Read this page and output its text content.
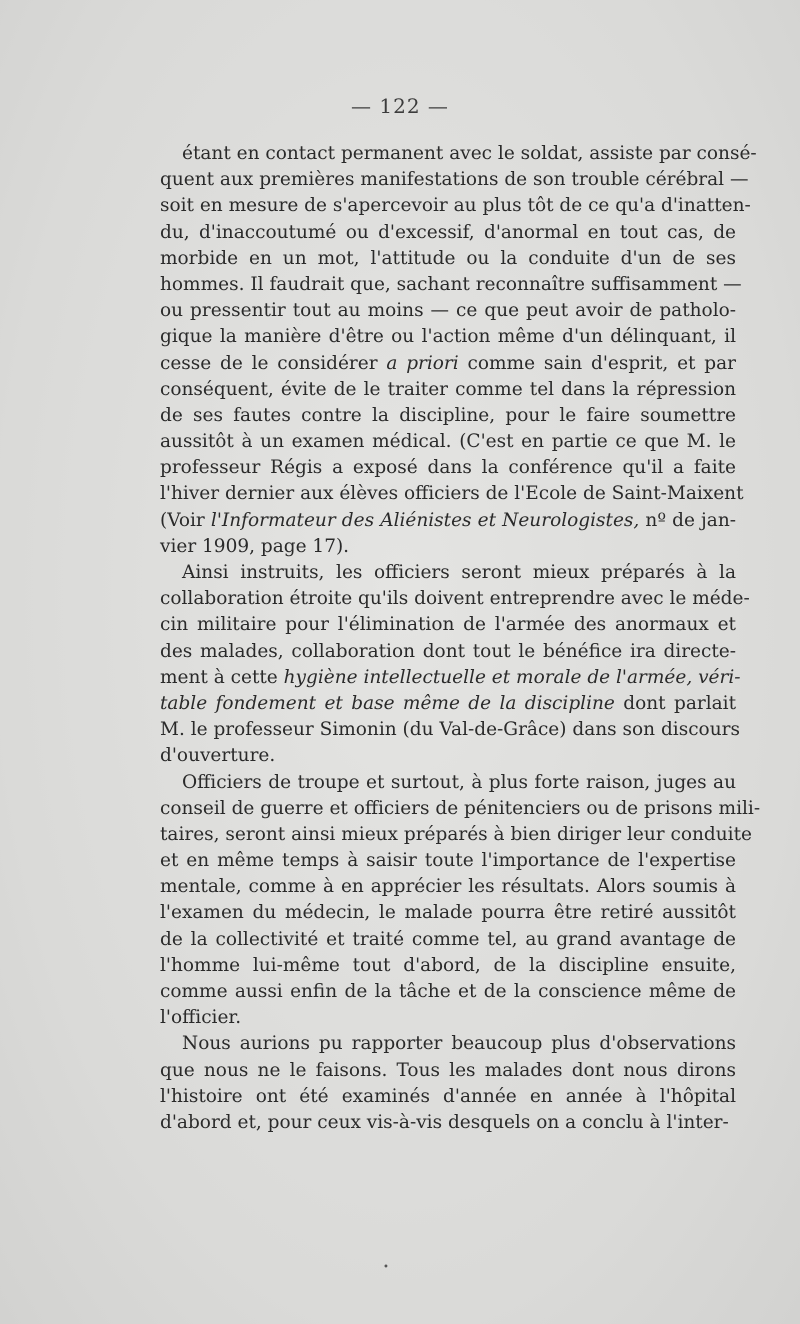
— 122 —
étant en contact permanent avec le soldat, assiste par consé-
quent aux premières manifestations de son trouble cérébral —
soit en mesure de s'apercevoir au plus tôt de ce qu'a d'inatten-
du, d'inaccoutumé ou d'excessif, d'anormal en tout cas, de
morbide en un mot, l'attitude ou la conduite d'un de ses
hommes. Il faudrait que, sachant reconnaître suffisamment —
ou pressentir tout au moins — ce que peut avoir de patholo-
gique la manière d'être ou l'action même d'un délinquant, il
cesse de le considérer a priori comme sain d'esprit, et par
conséquent, évite de le traiter comme tel dans la répression
de ses fautes contre la discipline, pour le faire soumettre
aussitôt à un examen médical. (C'est en partie ce que M. le
professeur Régis a exposé dans la conférence qu'il a faite
l'hiver dernier aux élèves officiers de l'Ecole de Saint-Maixent
(Voir l'Informateur des Aliénistes et Neurologistes, nº de jan-
vier 1909, page 17).
Ainsi instruits, les officiers seront mieux préparés à la
collaboration étroite qu'ils doivent entreprendre avec le méde-
cin militaire pour l'élimination de l'armée des anormaux et
des malades, collaboration dont tout le bénéfice ira directe-
ment à cette hygiène intellectuelle et morale de l'armée, véri-
table fondement et base même de la discipline dont parlait
M. le professeur Simonin (du Val-de-Grâce) dans son discours
d'ouverture.
Officiers de troupe et surtout, à plus forte raison, juges au
conseil de guerre et officiers de pénitenciers ou de prisons mili-
taires, seront ainsi mieux préparés à bien diriger leur conduite
et en même temps à saisir toute l'importance de l'expertise
mentale, comme à en apprécier les résultats. Alors soumis à
l'examen du médecin, le malade pourra être retiré aussitôt
de la collectivité et traité comme tel, au grand avantage de
l'homme lui-même tout d'abord, de la discipline ensuite,
comme aussi enfin de la tâche et de la conscience même de
l'officier.
Nous aurions pu rapporter beaucoup plus d'observations
que nous ne le faisons. Tous les malades dont nous dirons
l'histoire ont été examinés d'année en année à l'hôpital
d'abord et, pour ceux vis-à-vis desquels on a conclu à l'inter-
•
